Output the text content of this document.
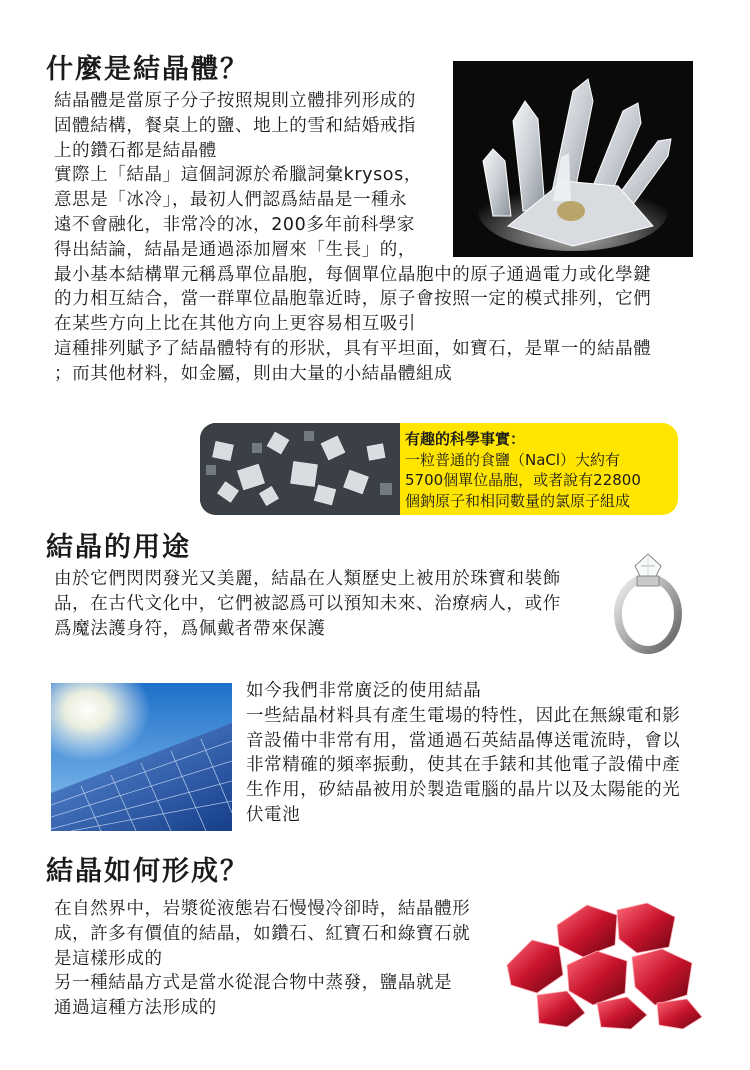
什麼是結晶體？

結晶體是當原子分子按照規則立體排列形成的

固體結構，餐桌上的鹽、地上的雪和結婚戒指

上的鑽石都是結晶體

實際上「結晶」這個詞源於希臘詞彙krysos，

意思是「冰冷」，最初人們認爲結晶是一種永

遠不會融化，非常冷的冰，200多年前科學家

得出結論，結晶是通過添加層來「生長」的，

最小基本結構單元稱爲單位晶胞，每個單位晶胞中的原子通過電力或化學鍵

的力相互結合，當一群單位晶胞靠近時，原子會按照一定的模式排列，它們

在某些方向上比在其他方向上更容易相互吸引

這種排列賦予了結晶體特有的形狀，具有平坦面，如寶石，是單一的結晶體

；而其他材料，如金屬，則由大量的小結晶體組成

有趣的科學事實：

一粒普通的食鹽（NaCl）大約有

5700個單位晶胞，或者說有22800

個鈉原子和相同數量的氯原子組成

結晶的用途

由於它們閃閃發光又美麗，結晶在人類歷史上被用於珠寶和裝飾

品，在古代文化中，它們被認爲可以預知未來、治療病人，或作

爲魔法護身符，爲佩戴者帶來保護

如今我們非常廣泛的使用結晶

一些結晶材料具有產生電場的特性，因此在無線電和影

音設備中非常有用，當通過石英結晶傳送電流時，會以

非常精確的頻率振動，使其在手錶和其他電子設備中產

生作用，矽結晶被用於製造電腦的晶片以及太陽能的光

伏電池

結晶如何形成？

在自然界中，岩漿從液態岩石慢慢冷卻時，結晶體形

成，許多有價值的結晶，如鑽石、紅寶石和綠寶石就

是這樣形成的

另一種結晶方式是當水從混合物中蒸發，鹽晶就是

通過這種方法形成的
